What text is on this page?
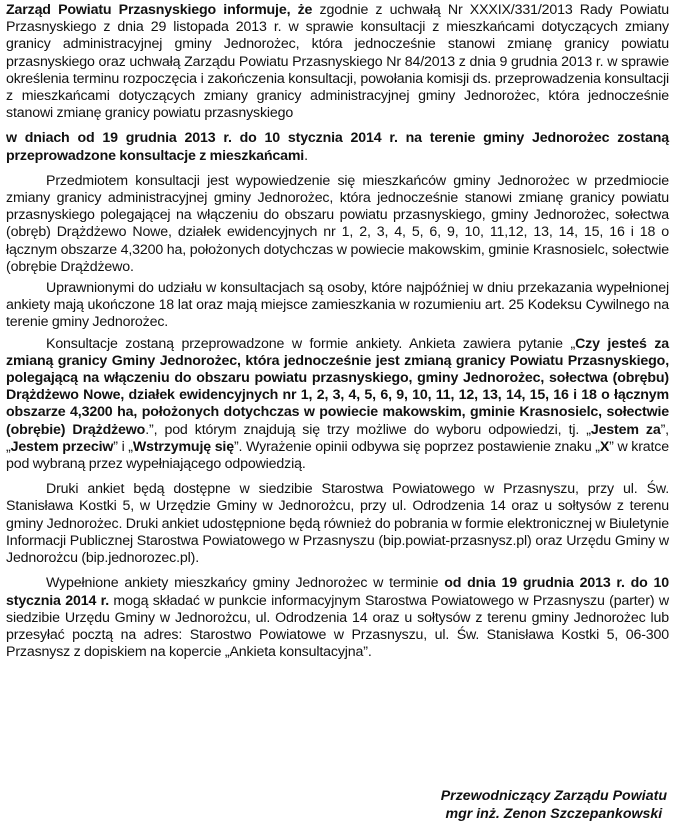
Zarząd Powiatu Przasnyskiego informuje, że zgodnie z uchwałą Nr XXXIX/331/2013 Rady Powiatu Przasnyskiego z dnia 29 listopada 2013 r. w sprawie konsultacji z mieszkańcami dotyczących zmiany granicy administracyjnej gminy Jednorożec, która jednocześnie stanowi zmianę granicy powiatu przasnyskiego oraz uchwałą Zarządu Powiatu Przasnyskiego Nr 84/2013 z dnia 9 grudnia 2013 r. w sprawie określenia terminu rozpoczęcia i zakończenia konsultacji, powołania komisji ds. przeprowadzenia konsultacji z mieszkańcami dotyczących zmiany granicy administracyjnej gminy Jednorożec, która jednocześnie stanowi zmianę granicy powiatu przasnyskiego

w dniach od 19 grudnia 2013 r. do 10 stycznia 2014 r. na terenie gminy Jednorożec zostaną przeprowadzone konsultacje z mieszkańcami.

Przedmiotem konsultacji jest wypowiedzenie się mieszkańców gminy Jednorożec w przedmiocie zmiany granicy administracyjnej gminy Jednorożec, która jednocześnie stanowi zmianę granicy powiatu przasnyskiego polegającej na włączeniu do obszaru powiatu przasnyskiego, gminy Jednorożec, sołectwa (obręb) Drążdżewo Nowe, działek ewidencyjnych nr 1, 2, 3, 4, 5, 6, 9, 10, 11,12, 13, 14, 15, 16 i 18 o łącznym obszarze 4,3200 ha, położonych dotychczas w powiecie makowskim, gminie Krasnosielc, sołectwie (obrębie Drążdżewo.

Uprawnionymi do udziału w konsultacjach są osoby, które najpóźniej w dniu przekazania wypełnionej ankiety mają ukończone 18 lat oraz mają miejsce zamieszkania w rozumieniu art. 25 Kodeksu Cywilnego na terenie gminy Jednorożec.

Konsultacje zostaną przeprowadzone w formie ankiety. Ankieta zawiera pytanie „Czy jesteś za zmianą granicy Gminy Jednorożec, która jednocześnie jest zmianą granicy Powiatu Przasnyskiego, polegającą na włączeniu do obszaru powiatu przasnyskiego, gminy Jednorożec, sołectwa (obrębu) Drążdżewo Nowe, działek ewidencyjnych nr 1, 2, 3, 4, 5, 6, 9, 10, 11, 12, 13, 14, 15, 16 i 18 o łącznym obszarze 4,3200 ha, położonych dotychczas w powiecie makowskim, gminie Krasnosielc, sołectwie (obrębie) Drążdżewo.”, pod którym znajdują się trzy możliwe do wyboru odpowiedzi, tj. „Jestem za”, „Jestem przeciw” i „Wstrzymuję się”. Wyrażenie opinii odbywa się poprzez postawienie znaku „X” w kratce pod wybraną przez wypełniającego odpowiedzią.

Druki ankiet będą dostępne w siedzibie Starostwa Powiatowego w Przasnyszu, przy ul. Św. Stanisława Kostki 5, w Urzędzie Gminy w Jednorożcu, przy ul. Odrodzenia 14 oraz u sołtysów z terenu gminy Jednorożec. Druki ankiet udostępnione będą również do pobrania w formie elektronicznej w Biuletynie Informacji Publicznej Starostwa Powiatowego w Przasnyszu (bip.powiat-przasnysz.pl) oraz Urzędu Gminy w Jednorożcu (bip.jednorozec.pl).

Wypełnione ankiety mieszkańcy gminy Jednorożec w terminie od dnia 19 grudnia 2013 r. do 10 stycznia 2014 r. mogą składać w punkcie informacyjnym Starostwa Powiatowego w Przasnyszu (parter) w siedzibie Urzędu Gminy w Jednorożcu, ul. Odrodzenia 14 oraz u sołtysów z terenu gminy Jednorożec lub przesyłać pocztą na adres: Starostwo Powiatowe w Przasnyszu, ul. Św. Stanisława Kostki 5, 06-300 Przasnysz z dopiskiem na kopercie „Ankieta konsultacyjna”.

Przewodniczący Zarządu Powiatu
mgr inż. Zenon Szczepankowski
